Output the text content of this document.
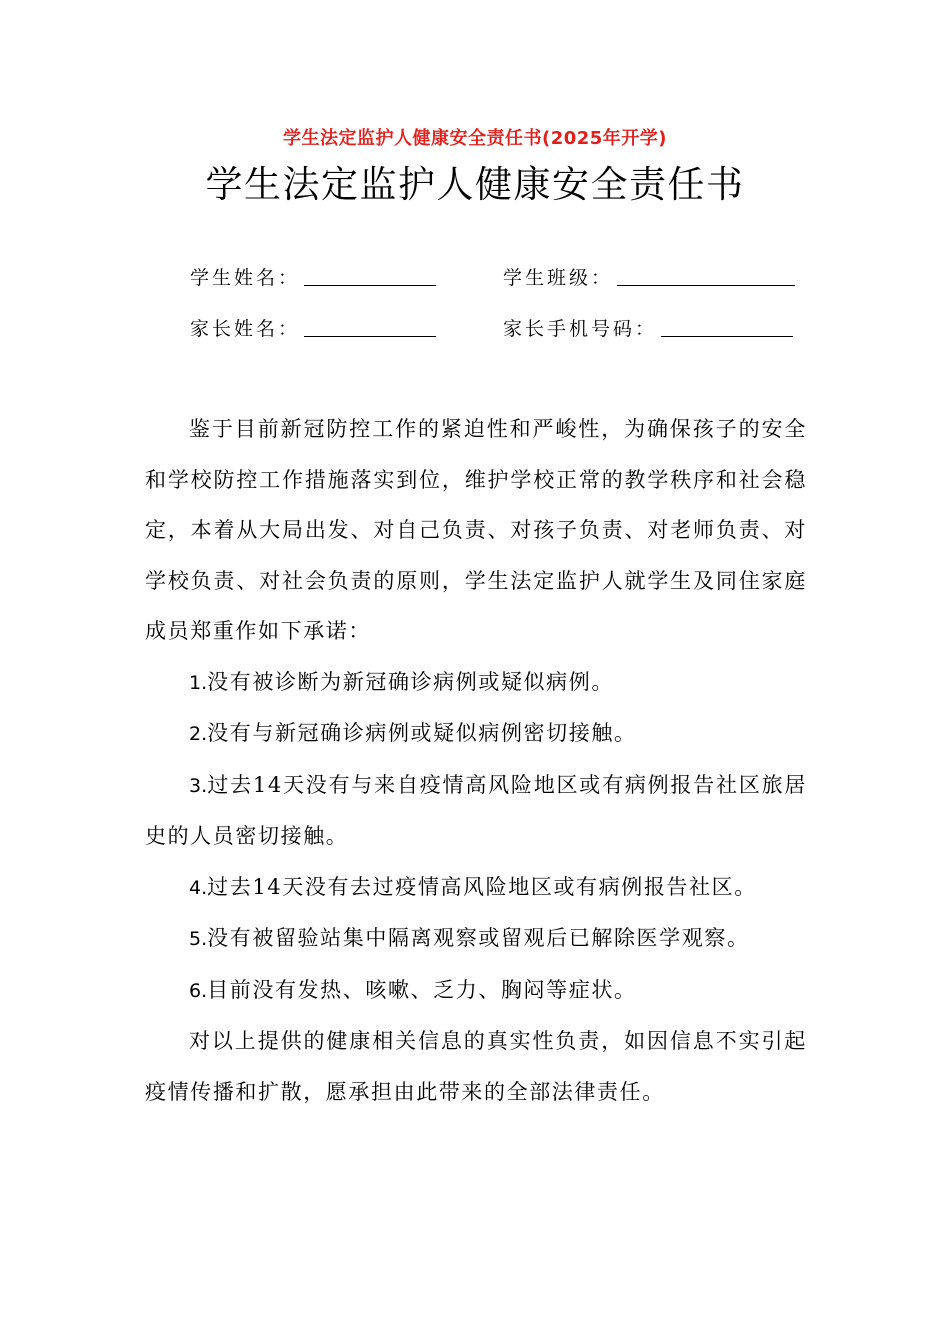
学生法定监护人健康安全责任书(2025年开学)
学生法定监护人健康安全责任书
学生姓名：	学生班级：
家长姓名：	家长手机号码：

鉴于目前新冠防控工作的紧迫性和严峻性，为确保孩子的安全和学校防控工作措施落实到位，维护学校正常的教学秩序和社会稳定，本着从大局出发、对自己负责、对孩子负责、对老师负责、对学校负责、对社会负责的原则，学生法定监护人就学生及同住家庭成员郑重作如下承诺：

1.没有被诊断为新冠确诊病例或疑似病例。

2.没有与新冠确诊病例或疑似病例密切接触。

3.过去14天没有与来自疫情高风险地区或有病例报告社区旅居史的人员密切接触。

4.过去14天没有去过疫情高风险地区或有病例报告社区。

5.没有被留验站集中隔离观察或留观后已解除医学观察。

6.目前没有发热、咳嗽、乏力、胸闷等症状。

对以上提供的健康相关信息的真实性负责，如因信息不实引起疫情传播和扩散，愿承担由此带来的全部法律责任。
